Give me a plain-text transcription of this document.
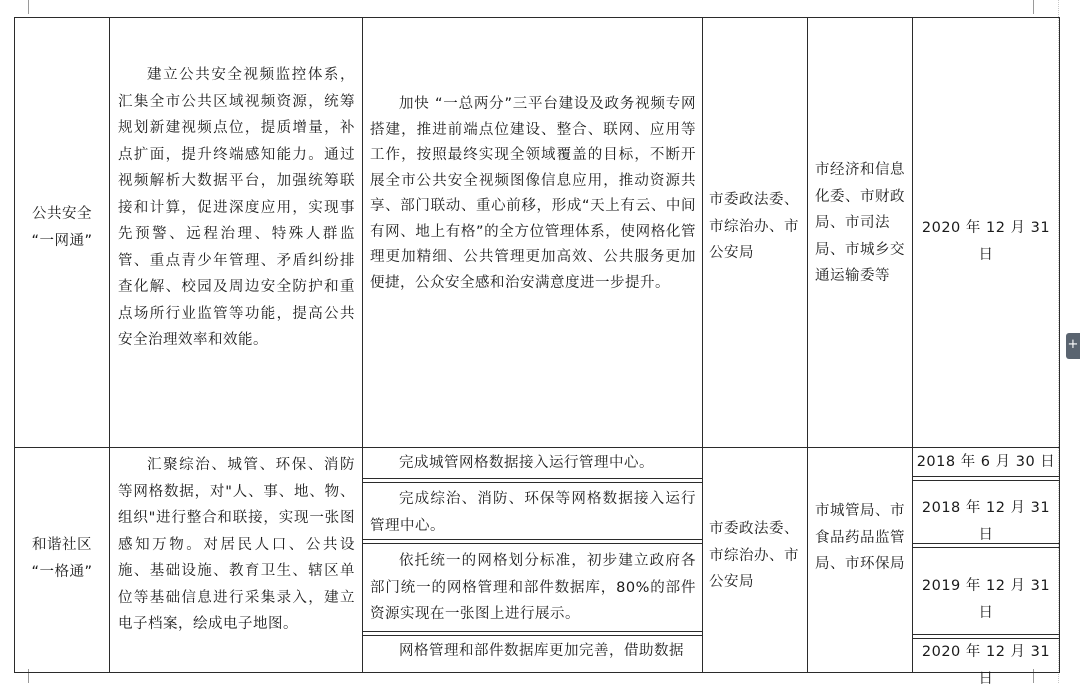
公共安全
“一网通”
建立公共安全视频监控体系，汇集全市公共区域视频资源，统筹规划新建视频点位，提质增量，补点扩面，提升终端感知能力。通过视频解析大数据平台，加强统筹联接和计算，促进深度应用，实现事先预警、远程治理、特殊人群监管、重点青少年管理、矛盾纠纷排查化解、校园及周边安全防护和重点场所行业监管等功能，提高公共安全治理效率和效能。
加快 “一总两分”三平台建设及政务视频专网搭建，推进前端点位建设、整合、联网、应用等工作，按照最终实现全领域覆盖的目标，不断开展全市公共安全视频图像信息应用，推动资源共享、部门联动、重心前移，形成“天上有云、中间有网、地上有格”的全方位管理体系，使网格化管理更加精细、公共管理更加高效、公共服务更加便捷，公众安全感和治安满意度进一步提升。
市委政法委、市综治办、市公安局
市经济和信息化委、市财政局、市司法局、市城乡交通运输委等
2020 年 12 月 31 日
和谐社区
“一格通”
汇聚综治、城管、环保、消防等网格数据，对"人、事、地、物、组织"进行整合和联接，实现一张图感知万物。对居民人口、公共设施、基础设施、教育卫生、辖区单位等基础信息进行采集录入，建立电子档案，绘成电子地图。
完成城管网格数据接入运行管理中心。
完成综治、消防、环保等网格数据接入运行管理中心。
依托统一的网格划分标准，初步建立政府各部门统一的网格管理和部件数据库，80%的部件资源实现在一张图上进行展示。
网格管理和部件数据库更加完善，借助数据
市委政法委、市综治办、市公安局
市城管局、市食品药品监管局、市环保局
2018 年 6 月 30 日
2018 年 12 月 31 日
2019 年 12 月 31 日
2020 年 12 月 31 日
+
